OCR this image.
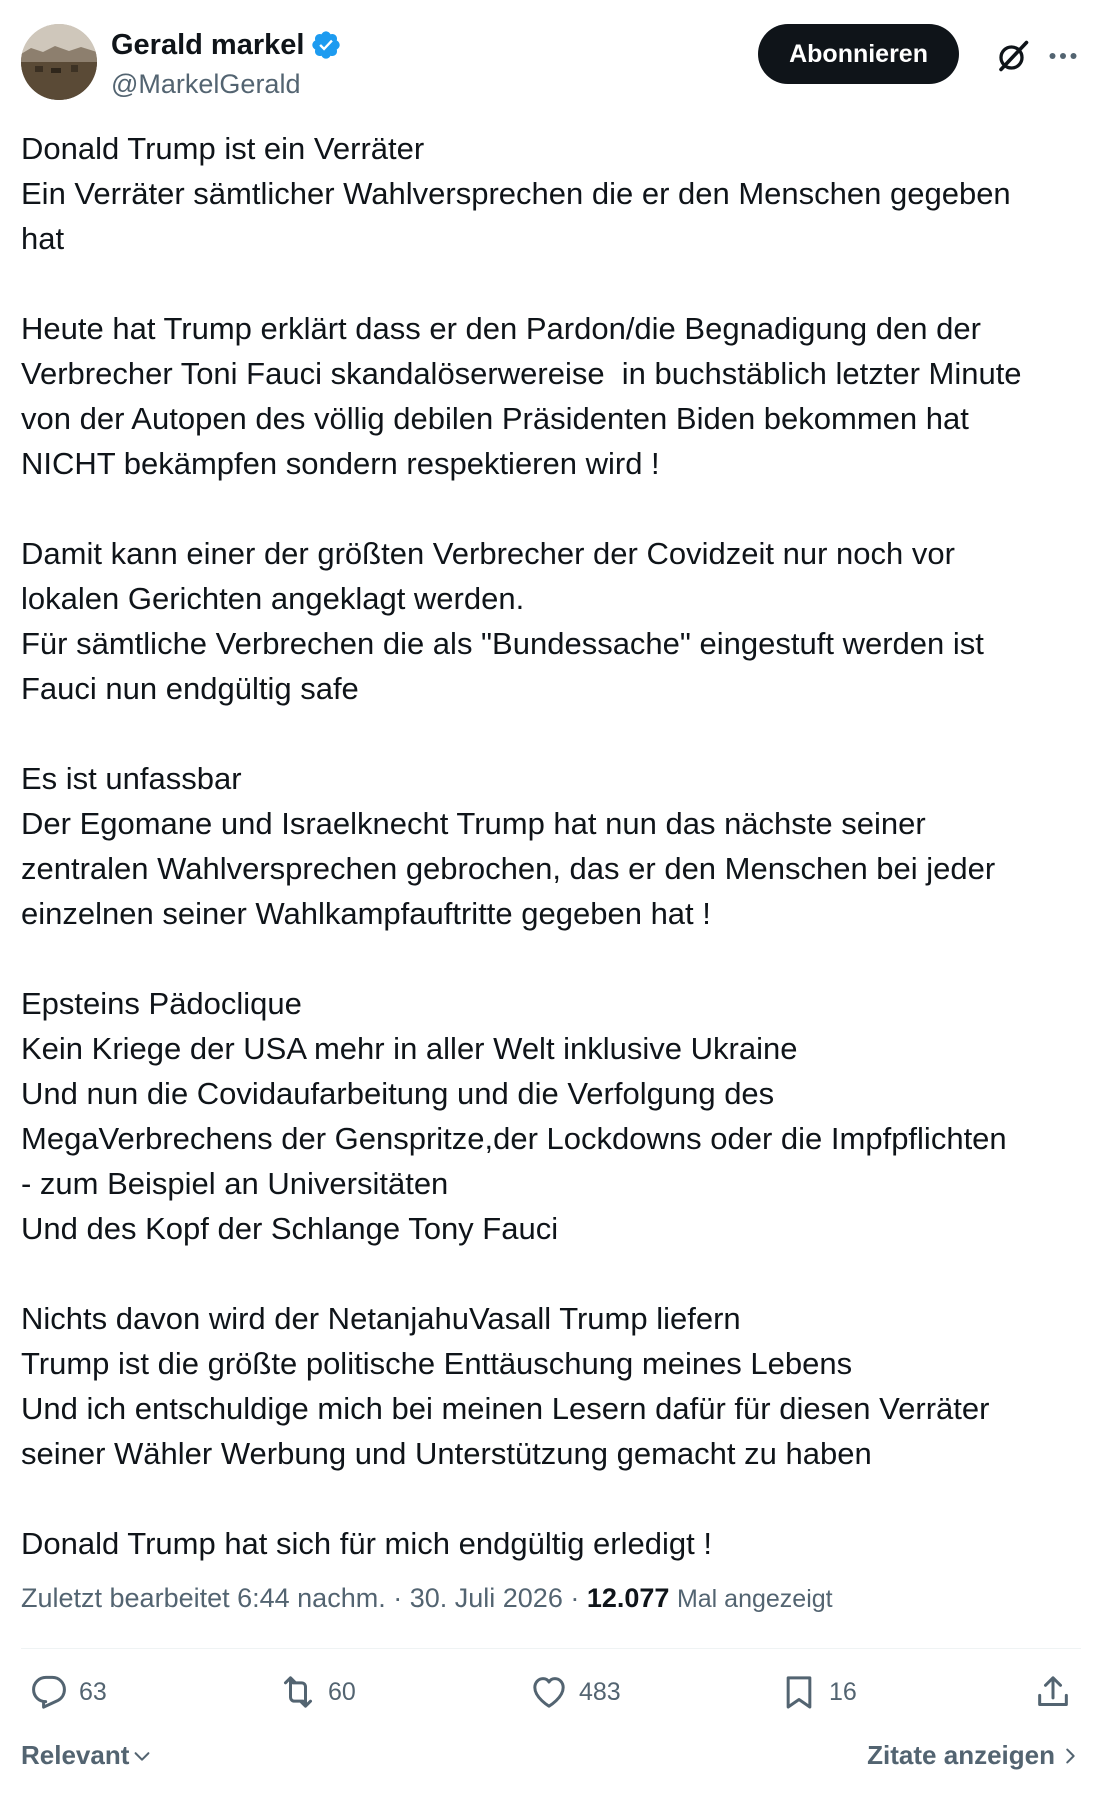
Gerald markel
@MarkelGerald
Abonnieren
Donald Trump ist ein Verräter
Ein Verräter sämtlicher Wahlversprechen die er den Menschen gegeben
hat
Heute hat Trump erklärt dass er den Pardon/die Begnadigung den der
Verbrecher Toni Fauci skandalöserwereise  in buchstäblich letzter Minute
von der Autopen des völlig debilen Präsidenten Biden bekommen hat
NICHT bekämpfen sondern respektieren wird !
Damit kann einer der größten Verbrecher der Covidzeit nur noch vor
lokalen Gerichten angeklagt werden.
Für sämtliche Verbrechen die als "Bundessache" eingestuft werden ist
Fauci nun endgültig safe
Es ist unfassbar
Der Egomane und Israelknecht Trump hat nun das nächste seiner
zentralen Wahlversprechen gebrochen, das er den Menschen bei jeder
einzelnen seiner Wahlkampfauftritte gegeben hat !
Epsteins Pädoclique
Kein Kriege der USA mehr in aller Welt inklusive Ukraine
Und nun die Covidaufarbeitung und die Verfolgung des
MegaVerbrechens der Genspritze,der Lockdowns oder die Impfpflichten
- zum Beispiel an Universitäten
Und des Kopf der Schlange Tony Fauci
Nichts davon wird der NetanjahuVasall Trump liefern
Trump ist die größte politische Enttäuschung meines Lebens
Und ich entschuldige mich bei meinen Lesern dafür für diesen Verräter
seiner Wähler Werbung und Unterstützung gemacht zu haben
Donald Trump hat sich für mich endgültig erledigt !
Zuletzt bearbeitet 6:44 nachm. · 30. Juli 2026 · 12.077 Mal angezeigt
63	60	483	16
Relevant	Zitate anzeigen
